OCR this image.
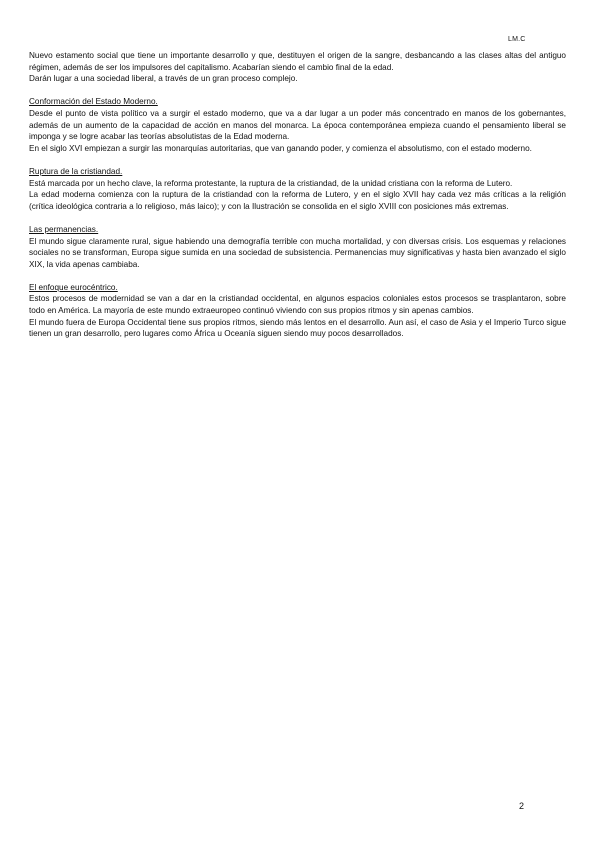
LM.C

Nuevo estamento social que tiene un importante desarrollo y que, destituyen el origen de la sangre, desbancando a las clases altas del antiguo régimen, además de ser los impulsores del capitalismo. Acabarían siendo el cambio final de la edad.

Darán lugar a una sociedad liberal, a través de un gran proceso complejo.

Conformación del Estado Moderno.

Desde el punto de vista político va a surgir el estado moderno, que va a dar lugar a un poder más concentrado en manos de los gobernantes, además de un aumento de la capacidad de acción en manos del monarca. La época contemporánea empieza cuando el pensamiento liberal se imponga y se logre acabar las teorías absolutistas de la Edad moderna.

En el siglo XVI empiezan a surgir las monarquías autoritarias, que van ganando poder, y comienza el absolutismo, con el estado moderno.

Ruptura de la cristiandad.

Está marcada por un hecho clave, la reforma protestante, la ruptura de la cristiandad, de la unidad cristiana con la reforma de Lutero.

La edad moderna comienza con la ruptura de la cristiandad con la reforma de Lutero, y en el siglo XVII hay cada vez más críticas a la religión (crítica ideológica contraria a lo religioso, más laico); y con la Ilustración se consolida en el siglo XVIII con posiciones más extremas.

Las permanencias.

El mundo sigue claramente rural, sigue habiendo una demografía terrible con mucha mortalidad, y con diversas crisis. Los esquemas y relaciones sociales no se transforman, Europa sigue sumida en una sociedad de subsistencia. Permanencias muy significativas y hasta bien avanzado el siglo XIX, la vida apenas cambiaba.

El enfoque eurocéntrico.

Estos procesos de modernidad se van a dar en la cristiandad occidental, en algunos espacios coloniales estos procesos se trasplantaron, sobre todo en América. La mayoría de este mundo extraeuropeo continuó viviendo con sus propios ritmos y sin apenas cambios.

El mundo fuera de Europa Occidental tiene sus propios ritmos, siendo más lentos en el desarrollo. Aun así, el caso de Asia y el Imperio Turco sigue tienen un gran desarrollo, pero lugares como África u Oceanía siguen siendo muy pocos desarrollados.

2
